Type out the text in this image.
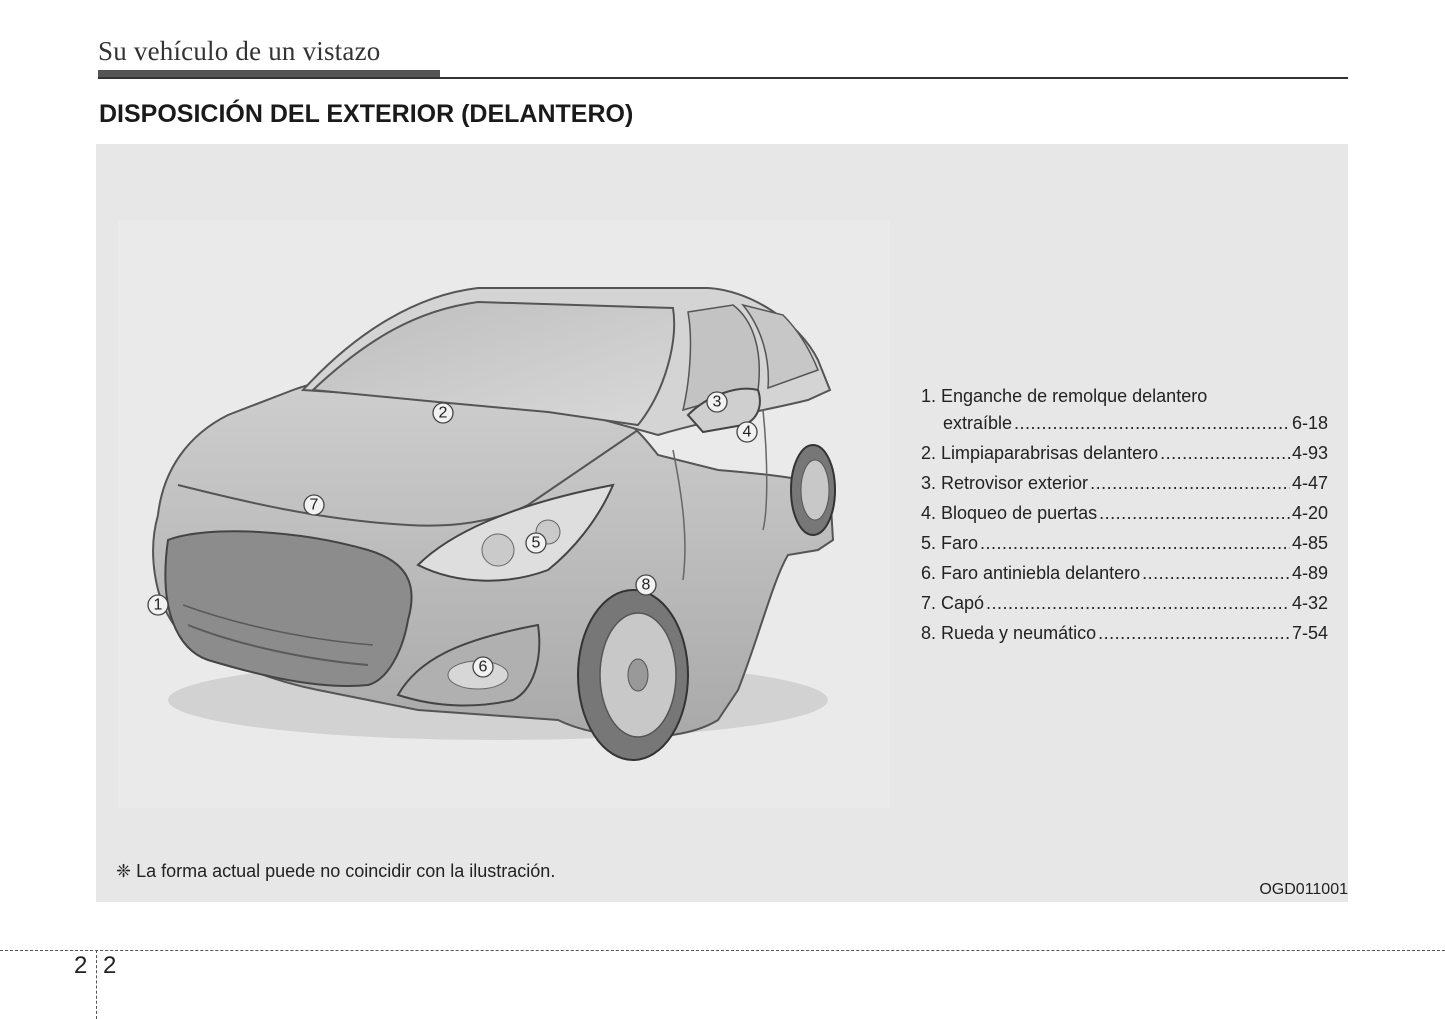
Su vehículo de un vistazo
DISPOSICIÓN DEL EXTERIOR (DELANTERO)
2
3
4
7
5
8
1
6
1. Enganche de remolque delantero
extraíble .....	6-18
2. Limpiaparabrisas delantero .....	4-93
3. Retrovisor exterior .....	4-47
4. Bloqueo de puertas .....	4-20
5. Faro .....	4-85
6. Faro antiniebla delantero .....	4-89
7. Capó .....	4-32
8. Rueda y neumático .....	7-54
❈ La forma actual puede no coincidir con la ilustración.
OGD011001
2 2
